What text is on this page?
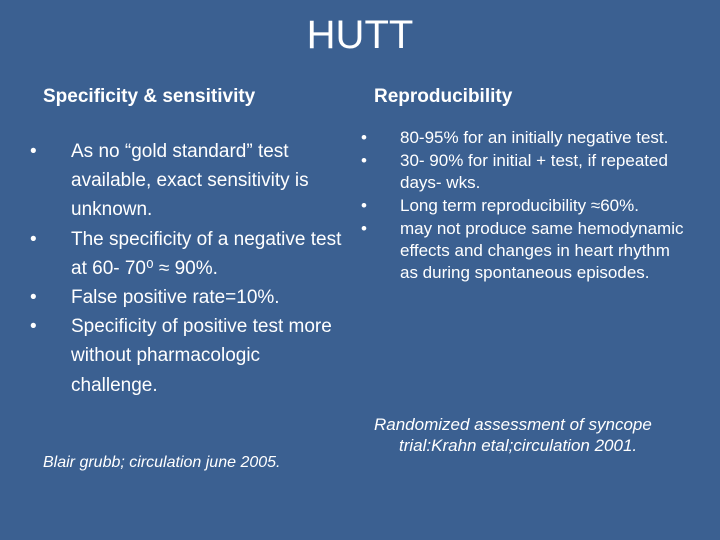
HUTT
Specificity & sensitivity	Reproducibility
• As no “gold standard” test available, exact sensitivity is unknown.
• The specificity of a negative test at 60- 70⁰ ≈ 90%.
• False positive rate=10%.
• Specificity of positive test more without pharmacologic challenge.
• 80-95% for an initially negative test.
• 30- 90% for initial + test, if repeated days- wks.
• Long term reproducibility ≈60%.
• may not produce same hemodynamic effects and changes in heart rhythm as during spontaneous episodes.
Blair grubb; circulation june 2005.
Randomized assessment of syncope trial:Krahn etal;circulation 2001.
